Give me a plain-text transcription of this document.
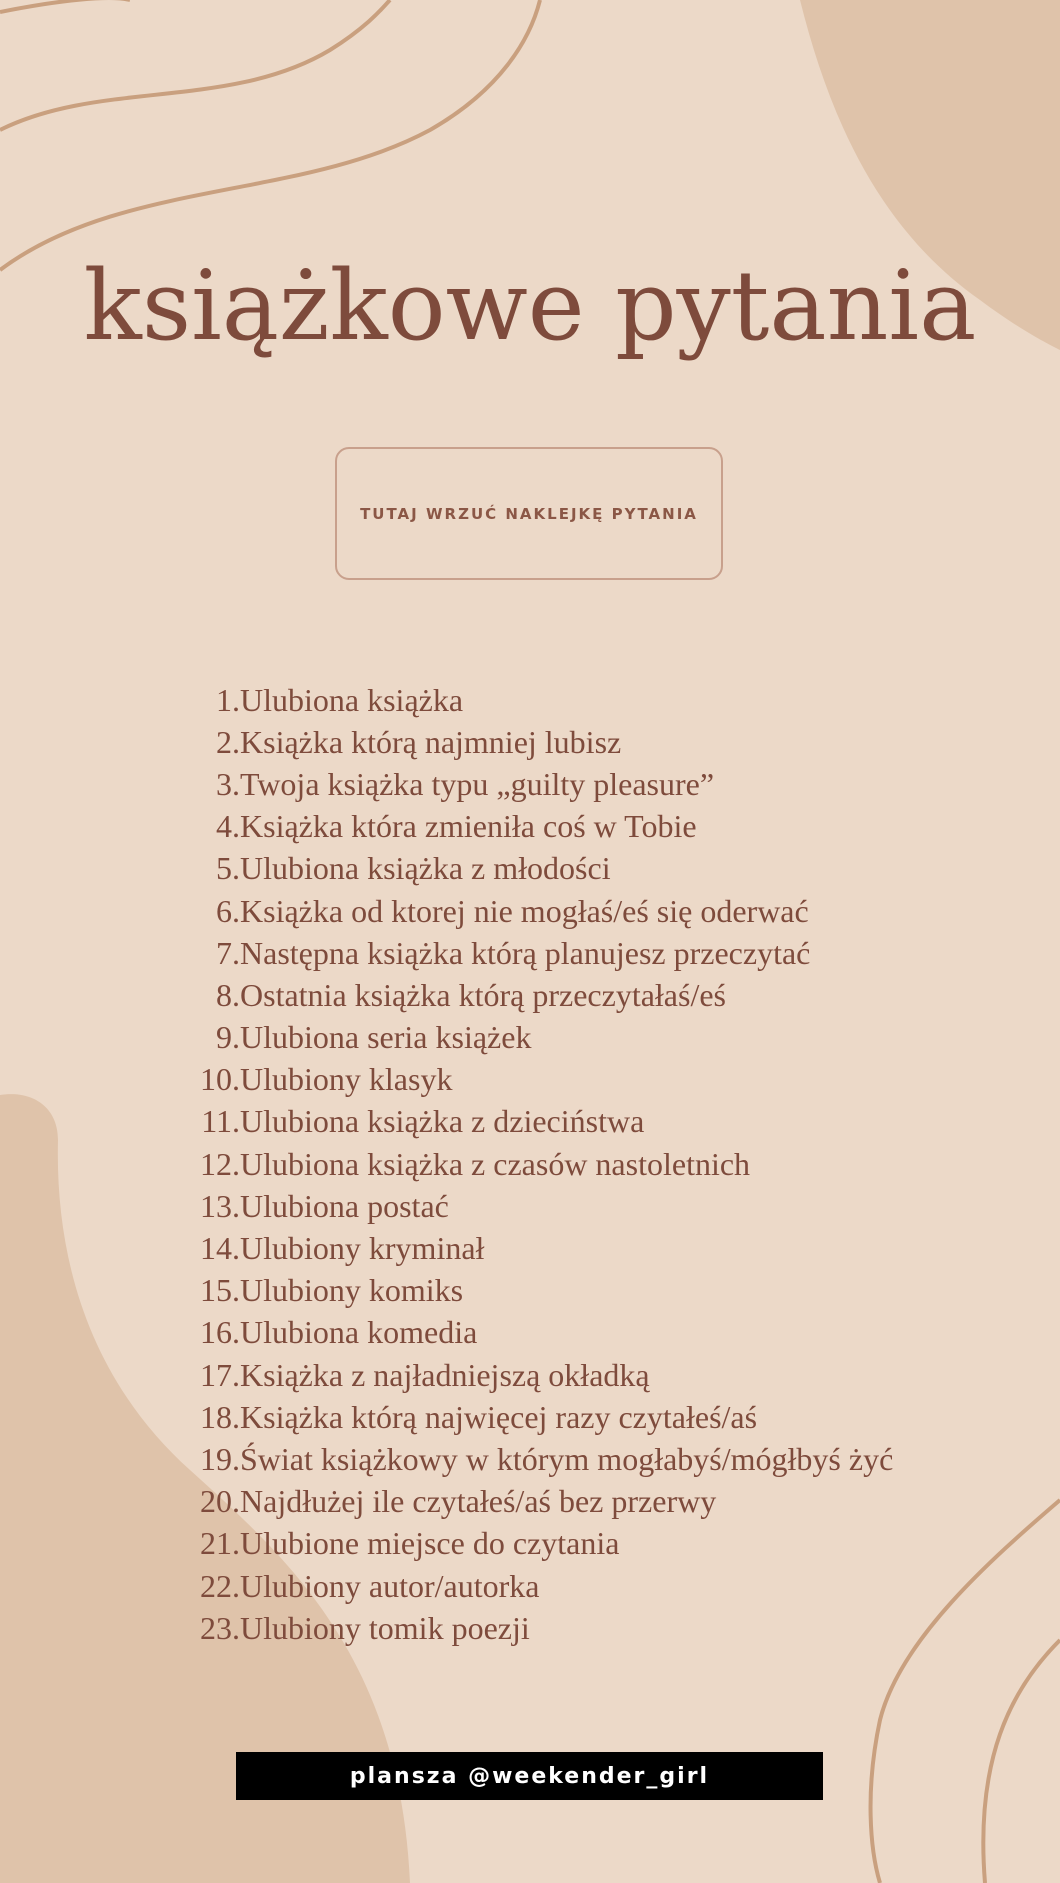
książkowe pytania
TUTAJ WRZUĆ NAKLEJKĘ PYTANIA
1. Ulubiona książka
2. Książka którą najmniej lubisz
3. Twoja książka typu „guilty pleasure”
4. Książka która zmieniła coś w Tobie
5. Ulubiona książka z młodości
6. Książka od ktorej nie mogłaś/eś się oderwać
7. Następna książka którą planujesz przeczytać
8. Ostatnia książka którą przeczytałaś/eś
9. Ulubiona seria książek
10. Ulubiony klasyk
11. Ulubiona książka z dzieciństwa
12. Ulubiona książka z czasów nastoletnich
13. Ulubiona postać
14. Ulubiony kryminał
15. Ulubiony komiks
16. Ulubiona komedia
17. Książka z najładniejszą okładką
18. Książka którą najwięcej razy czytałeś/aś
19. Świat książkowy w którym mogłabyś/mógłbyś żyć
20. Najdłużej ile czytałeś/aś bez przerwy
21. Ulubione miejsce do czytania
22. Ulubiony autor/autorka
23. Ulubiony tomik poezji
plansza @weekender_girl
